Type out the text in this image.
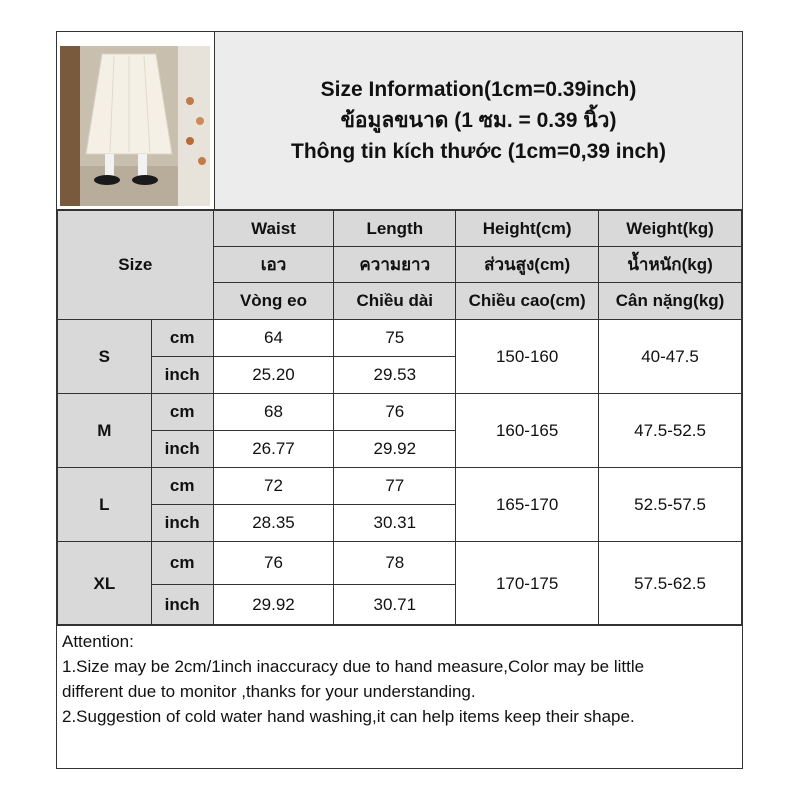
Size Information(1cm=0.39inch)
ข้อมูลขนาด (1 ซม. = 0.39 นิ้ว)
Thông tin kích thước (1cm=0,39 inch)
Size		Waist	Length	Height(cm)	Weight(kg)
		เอว	ความยาว	ส่วนสูง(cm)	น้ำหนัก(kg)
		Vòng eo	Chiều dài	Chiều cao(cm)	Cân nặng(kg)
S	cm	64	75	150-160	40-47.5
	inch	25.20	29.53		
M	cm	68	76	160-165	47.5-52.5
	inch	26.77	29.92		
L	cm	72	77	165-170	52.5-57.5
	inch	28.35	30.31		
XL	cm	76	78	170-175	57.5-62.5
	inch	29.92	30.71		
Attention:
1.Size may be 2cm/1inch inaccuracy due to hand measure,Color may be little
different due to monitor ,thanks for your understanding.
2.Suggestion of cold water hand washing,it can help items keep their shape.
